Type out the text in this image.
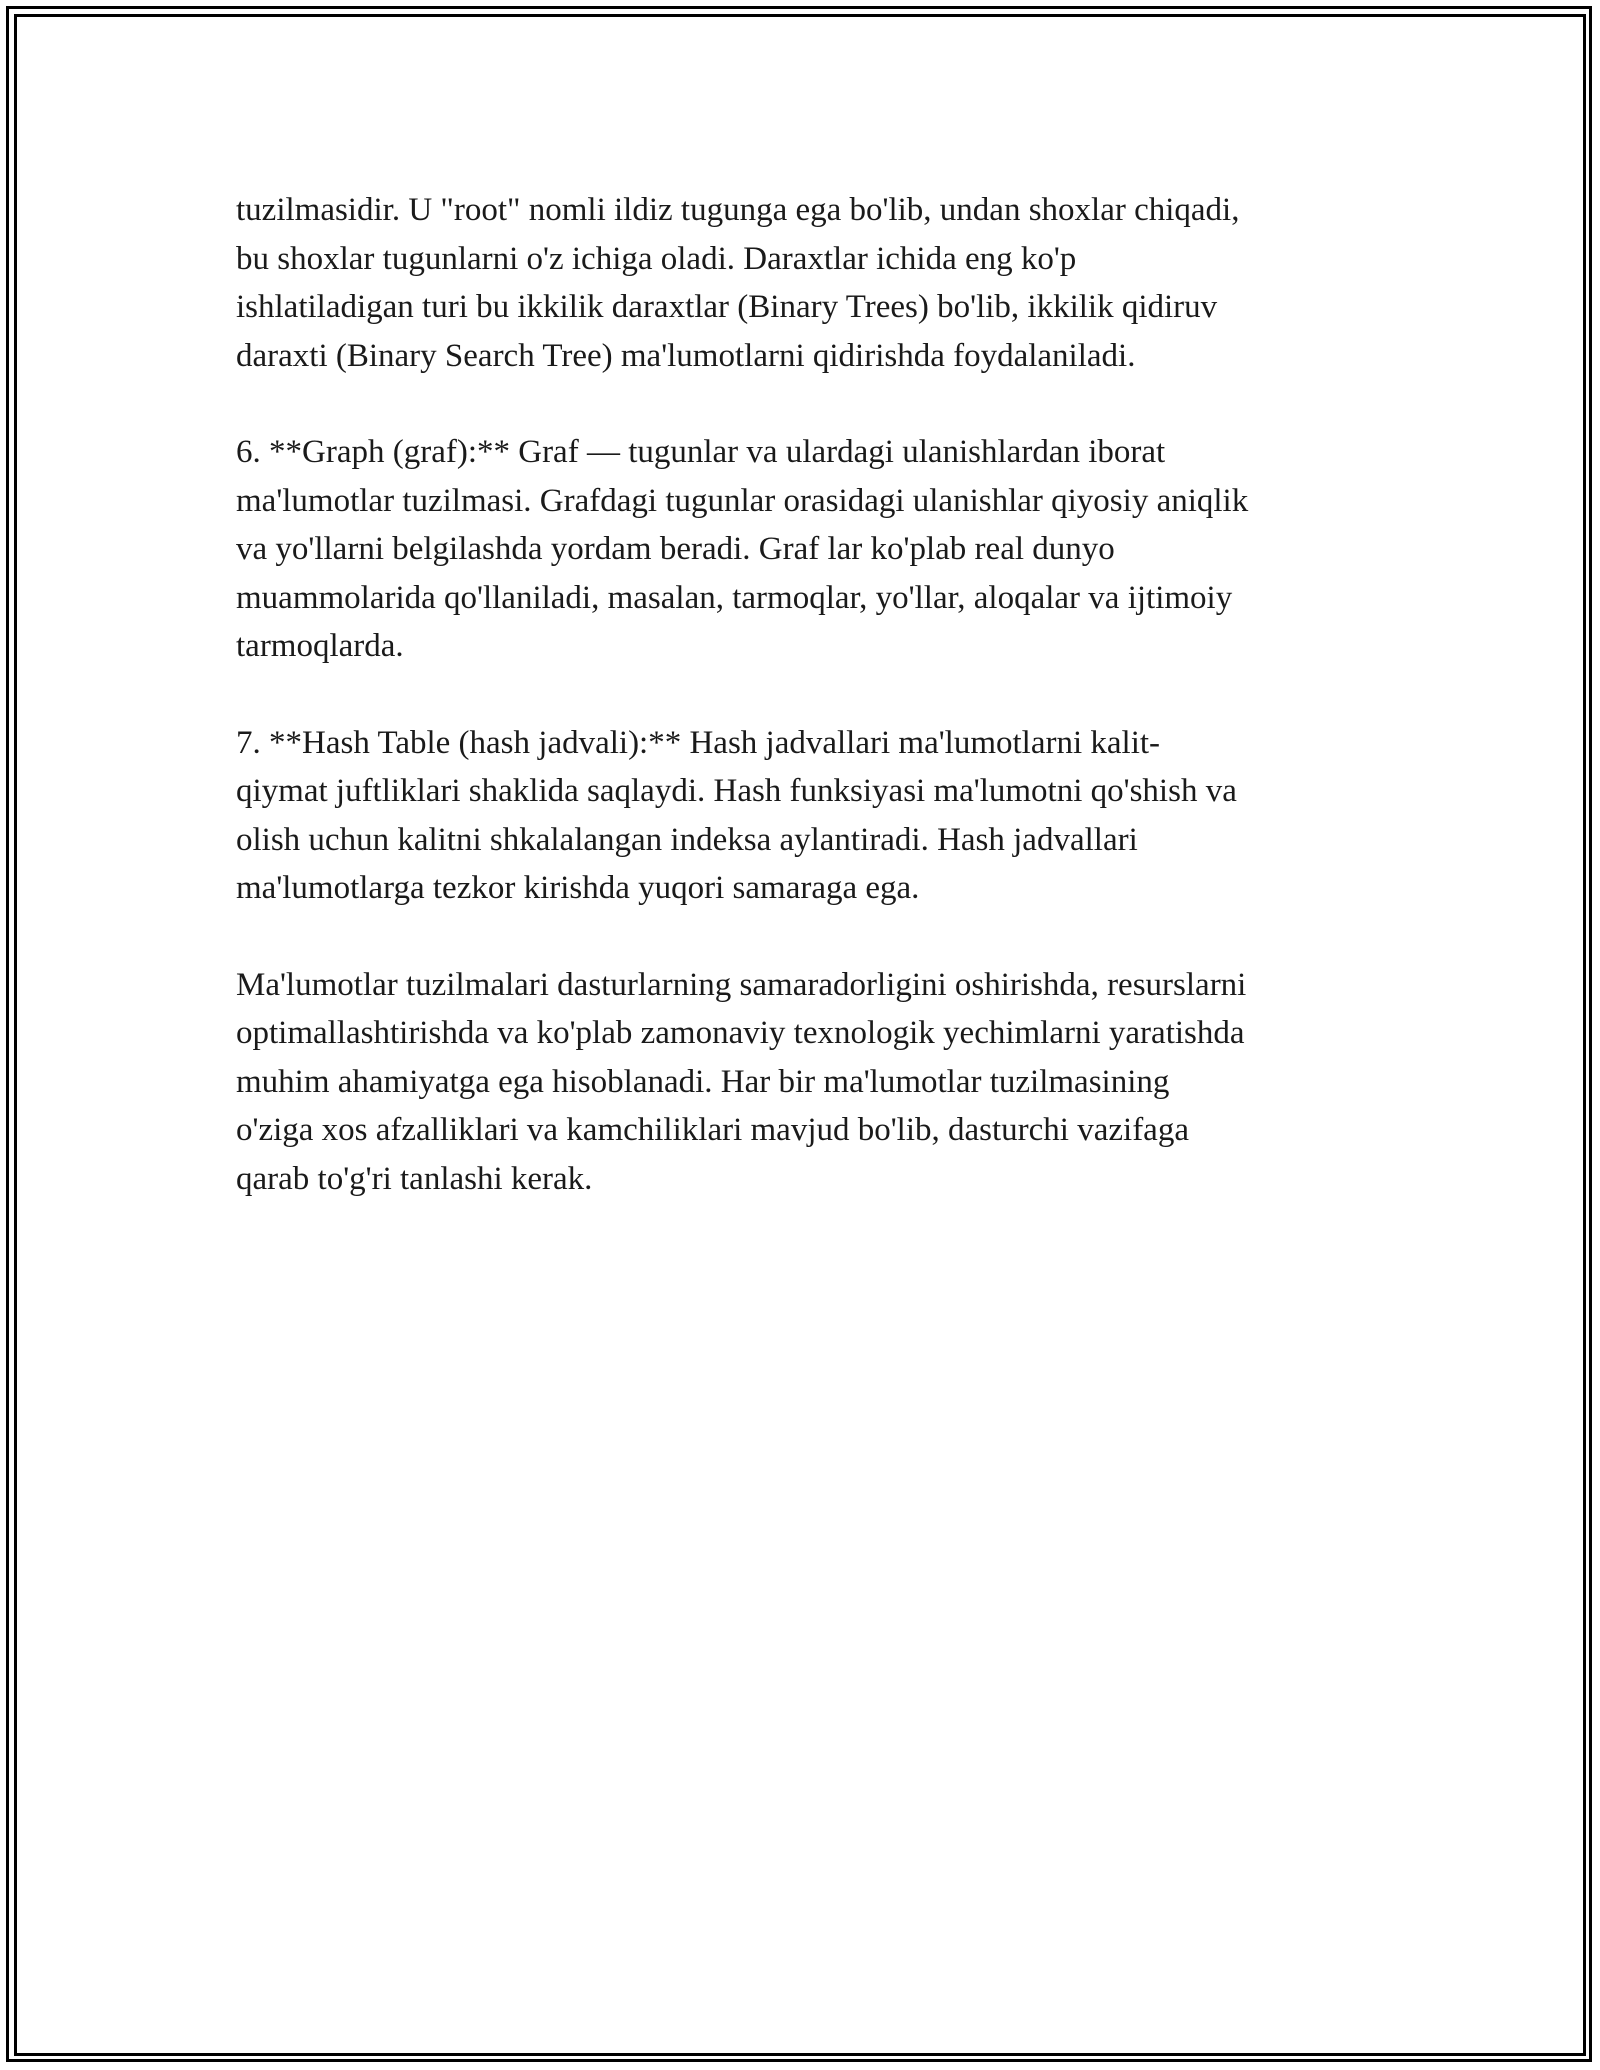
tuzilmasidir. U "root" nomli ildiz tugunga ega bo'lib, undan shoxlar chiqadi,
bu shoxlar tugunlarni o'z ichiga oladi. Daraxtlar ichida eng ko'p
ishlatiladigan turi bu ikkilik daraxtlar (Binary Trees) bo'lib, ikkilik qidiruv
daraxti (Binary Search Tree) ma'lumotlarni qidirishda foydalaniladi.

6. **Graph (graf):** Graf — tugunlar va ulardagi ulanishlardan iborat
ma'lumotlar tuzilmasi. Grafdagi tugunlar orasidagi ulanishlar qiyosiy aniqlik
va yo'llarni belgilashda yordam beradi. Graf lar ko'plab real dunyo
muammolarida qo'llaniladi, masalan, tarmoqlar, yo'llar, aloqalar va ijtimoiy
tarmoqlarda.

7. **Hash Table (hash jadvali):** Hash jadvallari ma'lumotlarni kalit-
qiymat juftliklari shaklida saqlaydi. Hash funksiyasi ma'lumotni qo'shish va
olish uchun kalitni shkalalangan indeksa aylantiradi. Hash jadvallari
ma'lumotlarga tezkor kirishda yuqori samaraga ega.

Ma'lumotlar tuzilmalari dasturlarning samaradorligini oshirishda, resurslarni
optimallashtirishda va ko'plab zamonaviy texnologik yechimlarni yaratishda
muhim ahamiyatga ega hisoblanadi. Har bir ma'lumotlar tuzilmasining
o'ziga xos afzalliklari va kamchiliklari mavjud bo'lib, dasturchi vazifaga
qarab to'g'ri tanlashi kerak.
